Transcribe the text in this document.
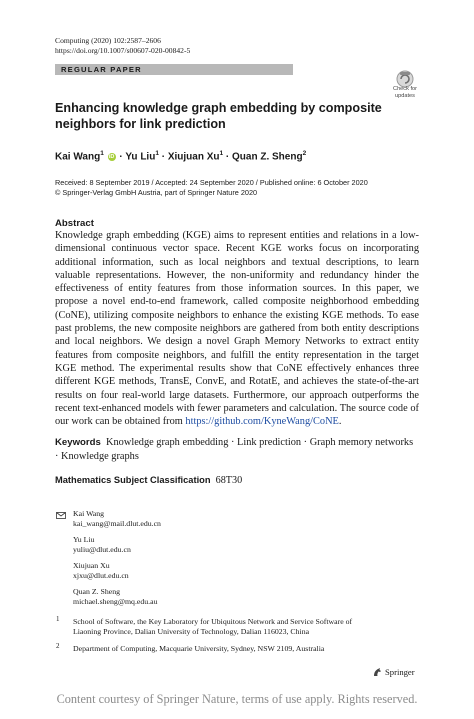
Computing (2020) 102:2587–2606
https://doi.org/10.1007/s00607-020-00842-5
REGULAR PAPER
Check for
updates
Enhancing knowledge graph embedding by composite neighbors for link prediction
Kai Wang$^1$ iD · Yu Liu$^1$ · Xiujuan $Xu^1$ · Quan Z. Sheng$^2$
Received: 8 September 2019 / Accepted: 24 September 2020 / Published online: 6 October 2020
© Springer-Verlag GmbH Austria, part of Springer Nature 2020
Abstract
Knowledge graph embedding (KGE) aims to represent entities and relations in a low-dimensional continuous vector space. Recent KGE works focus on incorporating additional information, such as local neighbors and textual descriptions, to learn valuable representations. However, the non-uniformity and redundancy hinder the effectiveness of entity features from those information sources. In this paper, we propose a novel end-to-end framework, called composite neighborhood embedding (CoNE), utilizing composite neighbors to enhance the existing KGE methods. To ease past problems, the new composite neighbors are gathered from both entity descriptions and local neighbors. We design a novel Graph Memory Networks to extract entity features from composite neighbors, and fulfill the entity representation in the target KGE method. The experimental results show that CoNE effectively enhances three different KGE methods, TransE, ConvE, and RotatE, and achieves the state-of-the-art results on four real-world large datasets. Furthermore, our approach outperforms the recent text-enhanced models with fewer parameters and calculation. The source code of our work can be obtained from https://github.com/KyneWang/CoNE.
Keywords Knowledge graph embedding · Link prediction · Graph memory networks · Knowledge graphs
Mathematics Subject Classification 68T30
Kai Wang
kai_wang@mail.dlut.edu.cn
Yu Liu
yuliu@dlut.edu.cn
Xiujuan Xu
xjxu@dlut.edu.cn
Quan Z. Sheng
michael.sheng@mq.edu.au
1 School of Software, the Key Laboratory for Ubiquitous Network and Service Software of Liaoning Province, Dalian University of Technology, Dalian 116023, China
2 Department of Computing, Macquarie University, Sydney, NSW 2109, Australia
Springer
Content courtesy of Springer Nature, terms of use apply. Rights reserved.
